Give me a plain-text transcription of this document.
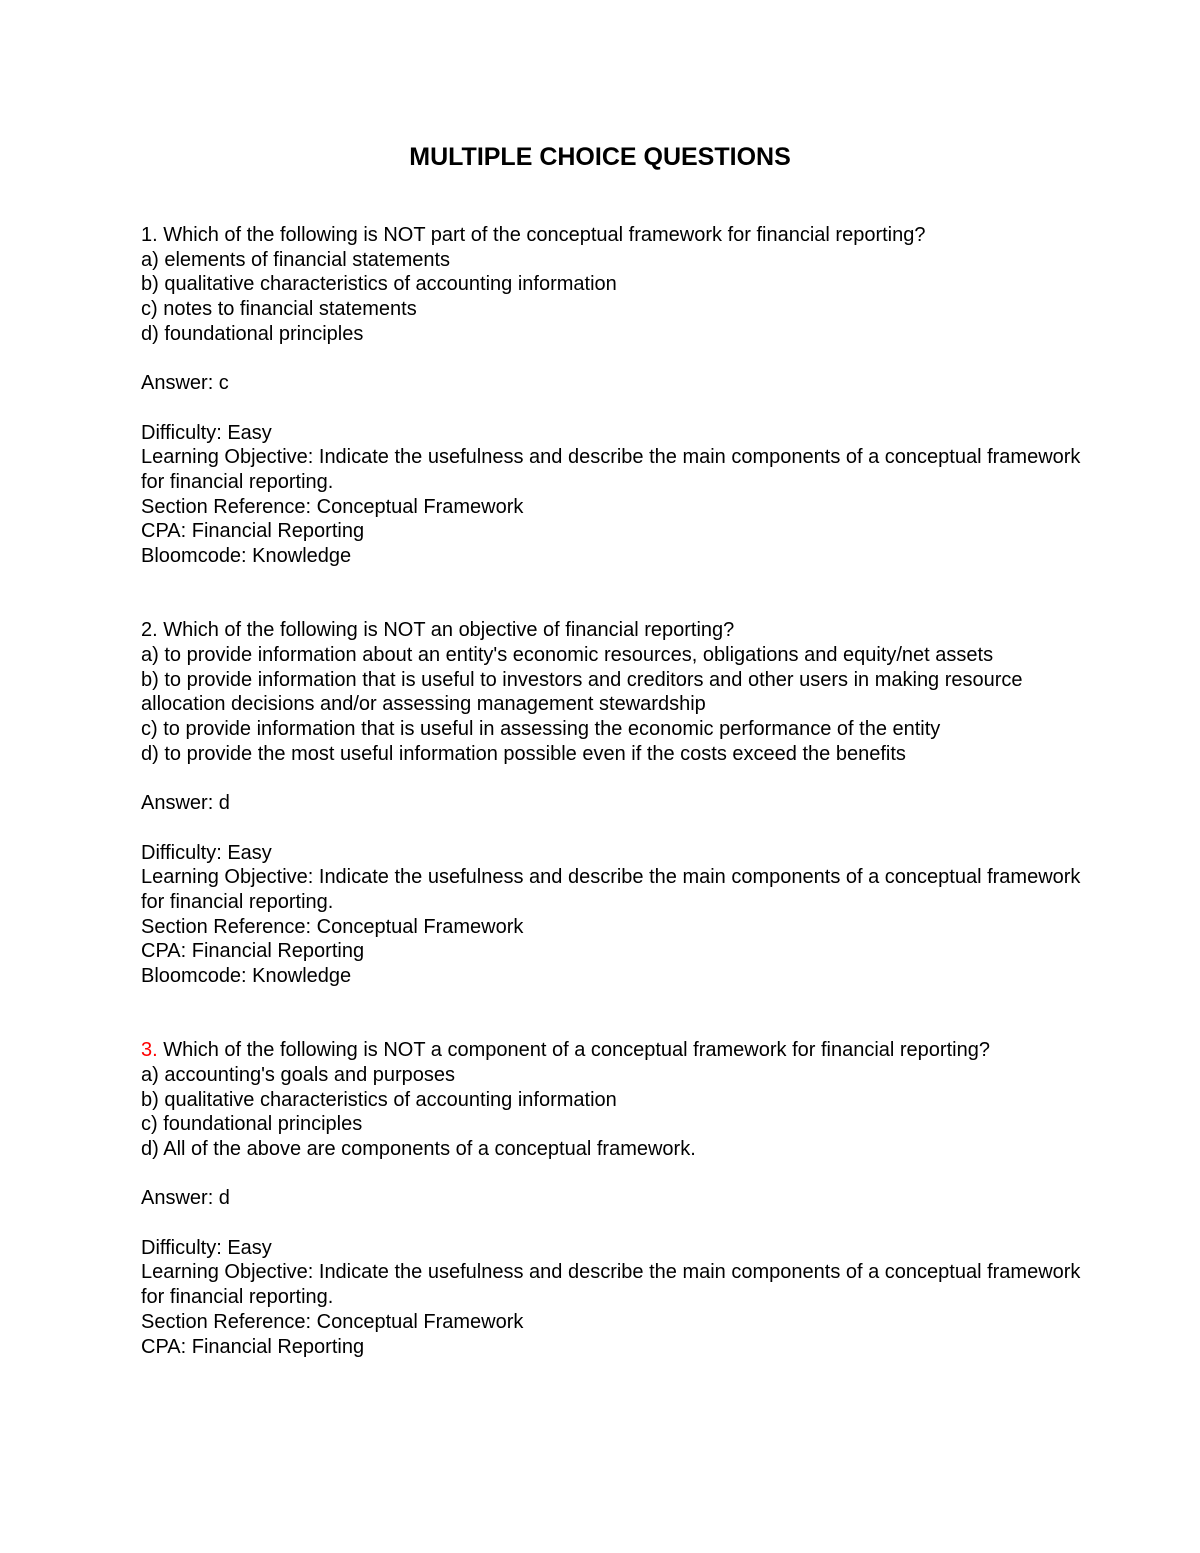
MULTIPLE CHOICE QUESTIONS
1. Which of the following is NOT part of the conceptual framework for financial reporting?
a) elements of financial statements
b) qualitative characteristics of accounting information
c) notes to financial statements
d) foundational principles
Answer: c
Difficulty: Easy
Learning Objective: Indicate the usefulness and describe the main components of a conceptual framework for financial reporting.
Section Reference: Conceptual Framework
CPA: Financial Reporting
Bloomcode: Knowledge
2. Which of the following is NOT an objective of financial reporting?
a) to provide information about an entity's economic resources, obligations and equity/net assets
b) to provide information that is useful to investors and creditors and other users in making resource allocation decisions and/or assessing management stewardship
c) to provide information that is useful in assessing the economic performance of the entity
d) to provide the most useful information possible even if the costs exceed the benefits
Answer: d
Difficulty: Easy
Learning Objective: Indicate the usefulness and describe the main components of a conceptual framework for financial reporting.
Section Reference: Conceptual Framework
CPA: Financial Reporting
Bloomcode: Knowledge
3. Which of the following is NOT a component of a conceptual framework for financial reporting?
a) accounting's goals and purposes
b) qualitative characteristics of accounting information
c) foundational principles
d) All of the above are components of a conceptual framework.
Answer: d
Difficulty: Easy
Learning Objective: Indicate the usefulness and describe the main components of a conceptual framework for financial reporting.
Section Reference: Conceptual Framework
CPA: Financial Reporting
